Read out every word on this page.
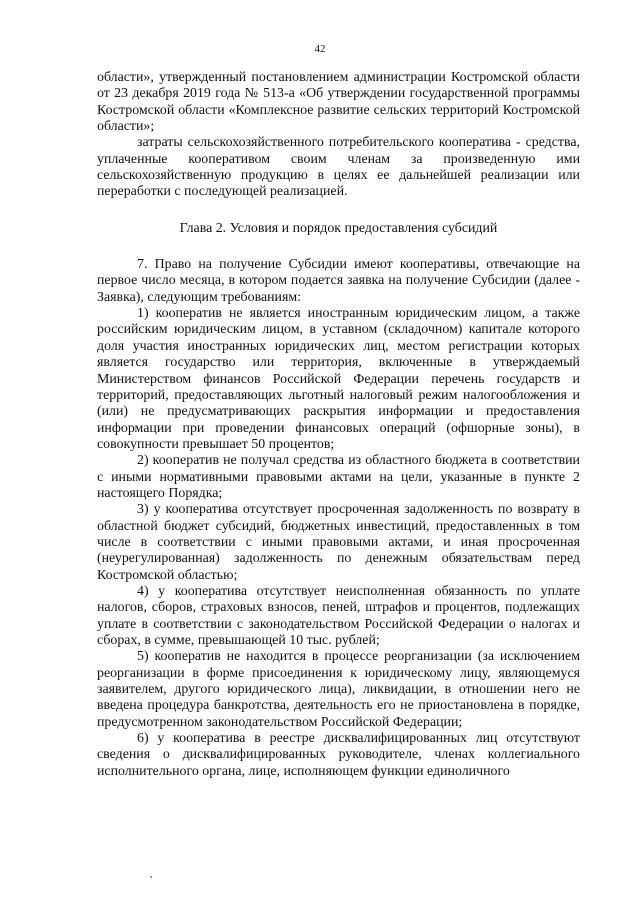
42

области», утвержденный постановлением администрации Костромской области от 23 декабря 2019 года № 513-а «Об утверждении государственной программы Костромской области «Комплексное развитие сельских территорий Костромской области»;

затраты сельскохозяйственного потребительского кооператива - средства, уплаченные кооперативом своим членам за произведенную ими сельскохозяйственную продукцию в целях ее дальнейшей реализации или переработки с последующей реализацией.

Глава 2. Условия и порядок предоставления субсидий

7. Право на получение Субсидии имеют кооперативы, отвечающие на первое число месяца, в котором подается заявка на получение Субсидии (далее - Заявка), следующим требованиям:

1) кооператив не является иностранным юридическим лицом, а также российским юридическим лицом, в уставном (складочном) капитале которого доля участия иностранных юридических лиц, местом регистрации которых является государство или территория, включенные в утверждаемый Министерством финансов Российской Федерации перечень государств и территорий, предоставляющих льготный налоговый режим налогообложения и (или) не предусматривающих раскрытия информации и предоставления информации при проведении финансовых операций (офшорные зоны), в совокупности превышает 50 процентов;

2) кооператив не получал средства из областного бюджета в соответствии с иными нормативными правовыми актами на цели, указанные в пункте 2 настоящего Порядка;

3) у кооператива отсутствует просроченная задолженность по возврату в областной бюджет субсидий, бюджетных инвестиций, предоставленных в том числе в соответствии с иными правовыми актами, и иная просроченная (неурегулированная) задолженность по денежным обязательствам перед Костромской областью;

4) у кооператива отсутствует неисполненная обязанность по уплате налогов, сборов, страховых взносов, пеней, штрафов и процентов, подлежащих уплате в соответствии с законодательством Российской Федерации о налогах и сборах, в сумме, превышающей 10 тыс. рублей;

5) кооператив не находится в процессе реорганизации (за исключением реорганизации в форме присоединения к юридическому лицу, являющемуся заявителем, другого юридического лица), ликвидации, в отношении него не введена процедура банкротства, деятельность его не приостановлена в порядке, предусмотренном законодательством Российской Федерации;

6) у кооператива в реестре дисквалифицированных лиц отсутствуют сведения о дисквалифицированных руководителе, членах коллегиального исполнительного органа, лице, исполняющем функции единоличного
